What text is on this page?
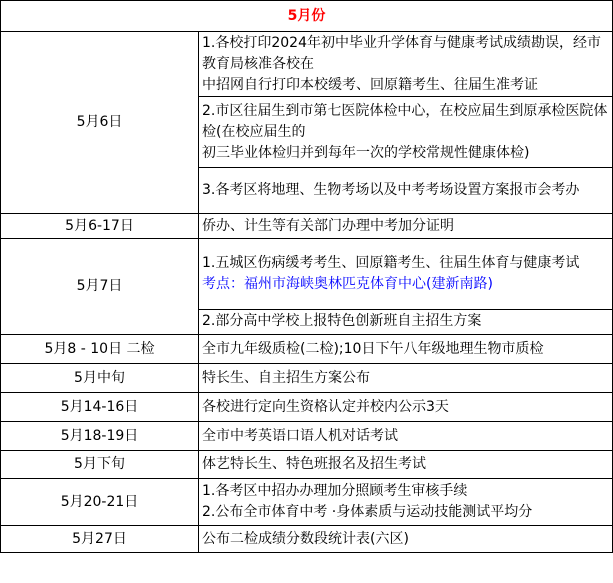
5月份	
5月6日	1.各校打印2024年初中毕业升学体育与健康考试成绩勘误，经市教育局核准各校在
中招网自行打印本校缓考、回原籍考生、往届生准考证

	2.市区往届生到市第七医院体检中心，在校应届生到原承检医院体检(在校应届生的
初三毕业体检归并到每年一次的学校常规性健康体检)

	3.各考区将地理、生物考场以及中考考场设置方案报市会考办

5月6-17日	侨办、计生等有关部门办理中考加分证明

5月7日	1.五城区伤病缓考考生、回原籍考生、往届生体育与健康考试
考点：福州市海峡奥林匹克体育中心(建新南路)

	2.部分高中学校上报特色创新班自主招生方案

5月8 - 10日 二检	全市九年级质检(二检);10日下午八年级地理生物市质检

5月中旬	特长生、自主招生方案公布

5月14-16日	各校进行定向生资格认定并校内公示3天

5月18-19日	全市中考英语口语人机对话考试

5月下旬	体艺特长生、特色班报名及招生考试

5月20-21日	1.各考区中招办办理加分照顾考生审核手续
2.公布全市体育中考 ·身体素质与运动技能测试平均分

5月27日	公布二检成绩分数段统计表(六区)
